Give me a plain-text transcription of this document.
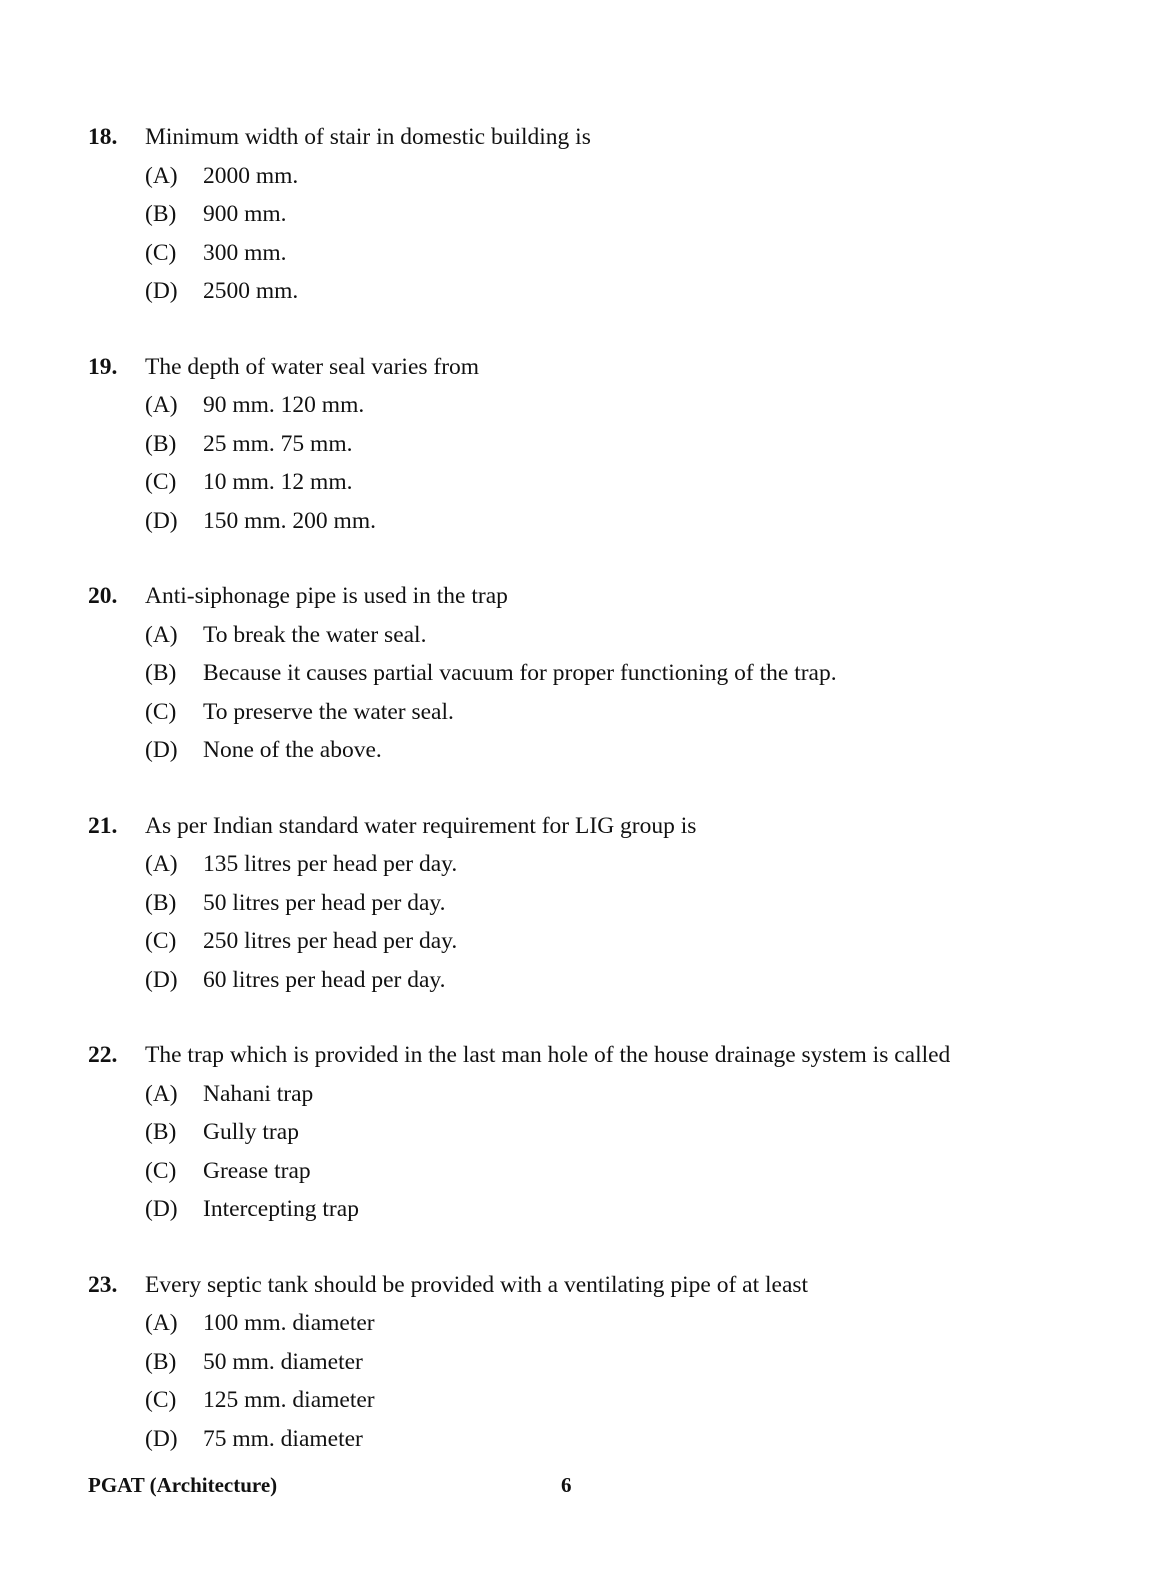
18.	Minimum width of stair in domestic building is
(A)	2000 mm.
(B)	900 mm.
(C)	300 mm.
(D)	2500 mm.
19.	The depth of water seal varies from
(A)	90 mm. 120 mm.
(B)	25 mm. 75 mm.
(C)	10 mm. 12 mm.
(D)	150 mm. 200 mm.
20.	Anti-siphonage pipe is used in the trap
(A)	To break the water seal.
(B)	Because it causes partial vacuum for proper functioning of the trap.
(C)	To preserve the water seal.
(D)	None of the above.
21.	As per Indian standard water requirement for LIG group is
(A)	135 litres per head per day.
(B)	50 litres per head per day.
(C)	250 litres per head per day.
(D)	60 litres per head per day.
22.	The trap which is provided in the last man hole of the house drainage system is called
(A)	Nahani trap
(B)	Gully trap
(C)	Grease trap
(D)	Intercepting trap
23.	Every septic tank should be provided with a ventilating pipe of at least
(A)	100 mm. diameter
(B)	50 mm. diameter
(C)	125 mm. diameter
(D)	75 mm. diameter
PGAT (Architecture)	6
